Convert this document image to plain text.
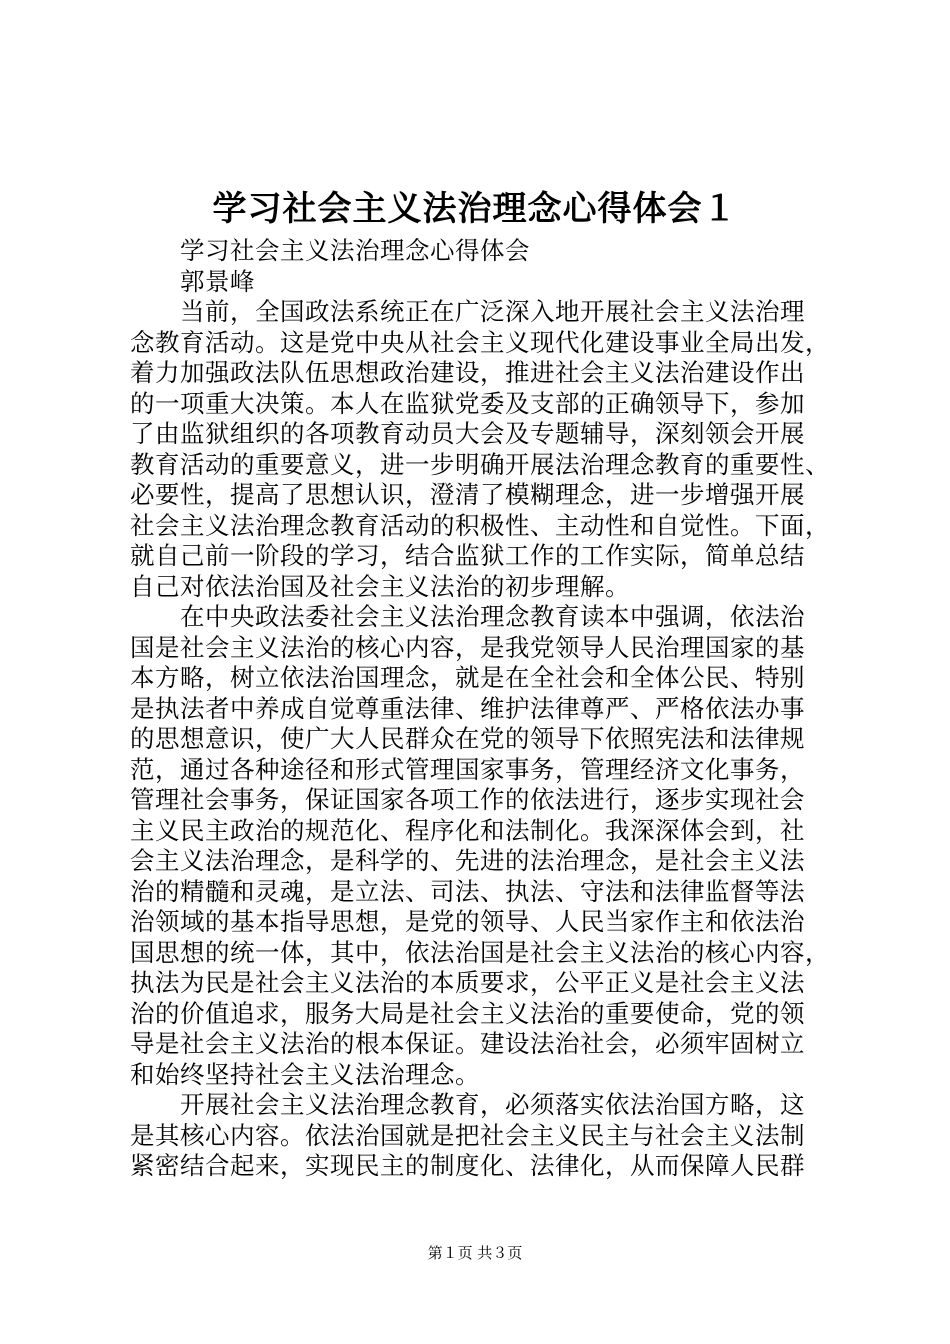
学习社会主义法治理念心得体会１
学习社会主义法治理念心得体会
郭景峰
当前，全国政法系统正在广泛深入地开展社会主义法治理
念教育活动。这是党中央从社会主义现代化建设事业全局出发，
着力加强政法队伍思想政治建设，推进社会主义法治建设作出
的一项重大决策。本人在监狱党委及支部的正确领导下，参加
了由监狱组织的各项教育动员大会及专题辅导，深刻领会开展
教育活动的重要意义，进一步明确开展法治理念教育的重要性、
必要性，提高了思想认识，澄清了模糊理念，进一步增强开展
社会主义法治理念教育活动的积极性、主动性和自觉性。下面，
就自己前一阶段的学习，结合监狱工作的工作实际，简单总结
自己对依法治国及社会主义法治的初步理解。
在中央政法委社会主义法治理念教育读本中强调，依法治
国是社会主义法治的核心内容，是我党领导人民治理国家的基
本方略，树立依法治国理念，就是在全社会和全体公民、特别
是执法者中养成自觉尊重法律、维护法律尊严、严格依法办事
的思想意识，使广大人民群众在党的领导下依照宪法和法律规
范，通过各种途径和形式管理国家事务，管理经济文化事务，
管理社会事务，保证国家各项工作的依法进行，逐步实现社会
主义民主政治的规范化、程序化和法制化。我深深体会到，社
会主义法治理念，是科学的、先进的法治理念，是社会主义法
治的精髓和灵魂，是立法、司法、执法、守法和法律监督等法
治领域的基本指导思想，是党的领导、人民当家作主和依法治
国思想的统一体，其中，依法治国是社会主义法治的核心内容，
执法为民是社会主义法治的本质要求，公平正义是社会主义法
治的价值追求，服务大局是社会主义法治的重要使命，党的领
导是社会主义法治的根本保证。建设法治社会，必须牢固树立
和始终坚持社会主义法治理念。
开展社会主义法治理念教育，必须落实依法治国方略，这
是其核心内容。依法治国就是把社会主义民主与社会主义法制
紧密结合起来，实现民主的制度化、法律化，从而保障人民群
第１页 共３页
